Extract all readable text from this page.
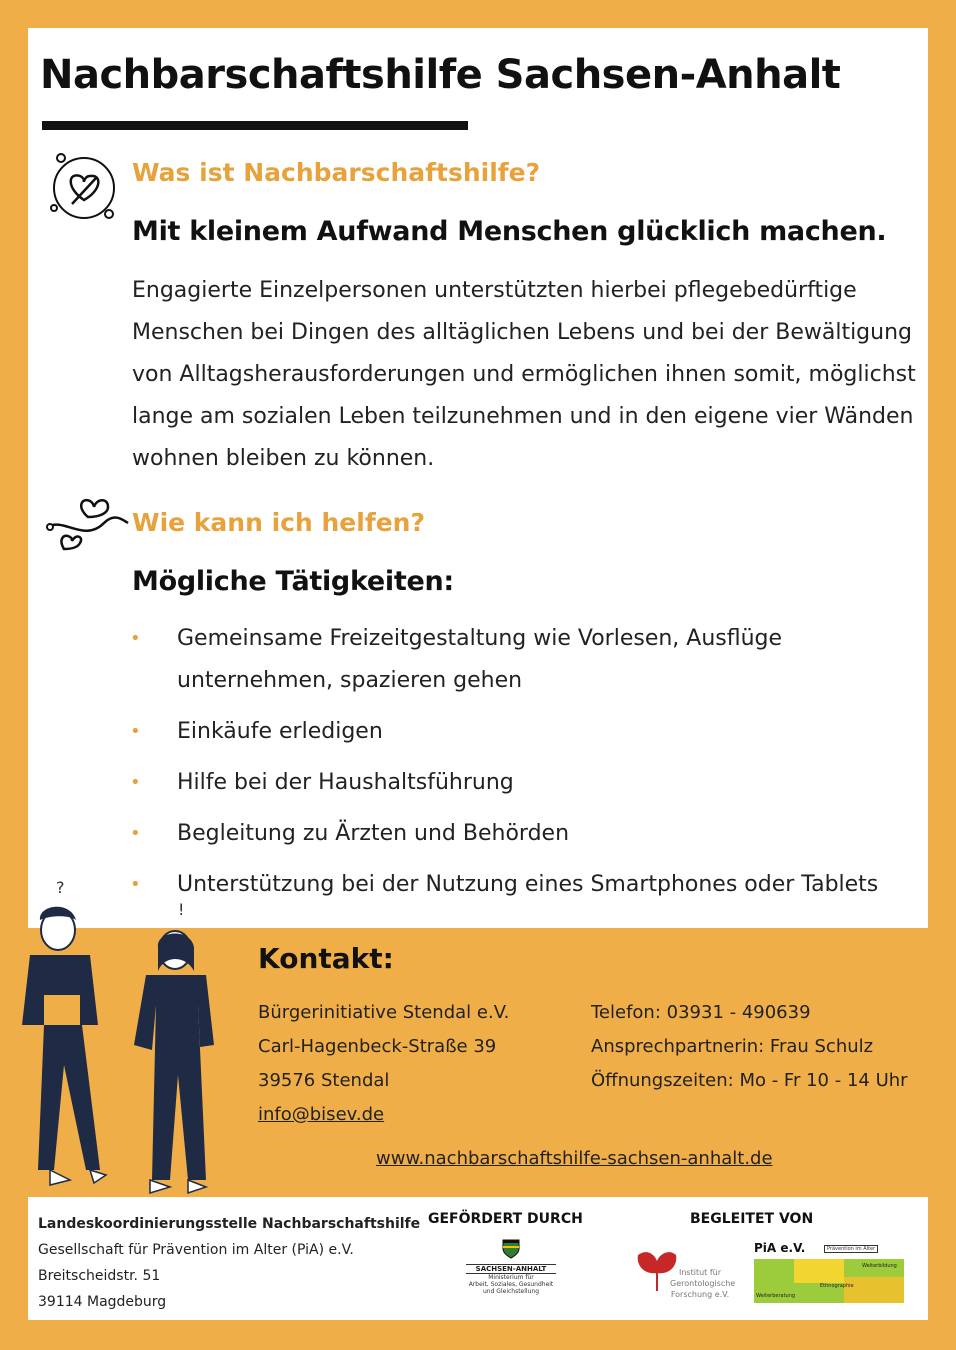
Nachbarschaftshilfe Sachsen-Anhalt
Was ist Nachbarschaftshilfe?
Mit kleinem Aufwand Menschen glücklich machen.
Engagierte Einzelpersonen unterstützten hierbei pflegebedürftige Menschen bei Dingen des alltäglichen Lebens und bei der Bewältigung von Alltagsherausforderungen und ermöglichen ihnen somit, möglichst lange am sozialen Leben teilzunehmen und in den eigene vier Wänden wohnen bleiben zu können.
Wie kann ich helfen?
Mögliche Tätigkeiten:
• Gemeinsame Freizeitgestaltung wie Vorlesen, Ausflüge unternehmen, spazieren gehen
• Einkäufe erledigen
• Hilfe bei der Haushaltsführung
• Begleitung zu Ärzten und Behörden
• Unterstützung bei der Nutzung eines Smartphones oder Tablets
?
!
Kontakt:
Bürgerinitiative Stendal e.V.
Carl-Hagenbeck-Straße 39
39576 Stendal
info@bisev.de
Telefon: 03931 - 490639
Ansprechpartnerin: Frau Schulz
Öffnungszeiten: Mo - Fr 10 - 14 Uhr
www.nachbarschaftshilfe-sachsen-anhalt.de
Landeskoordinierungsstelle Nachbarschaftshilfe
Gesellschaft für Prävention im Alter (PiA) e.V.
Breitscheidstr. 51
39114 Magdeburg
GEFÖRDERT DURCH	BEGLEITET VON
SACHSEN-ANHALT
Ministerium für
Arbeit, Soziales, Gesundheit
und Gleichstellung
Institut für
Gerontologische
Forschung e.V.
PiA e.V.	Prävention im Alter
Weiterbildung
Ethnographie
Weiterberatung
